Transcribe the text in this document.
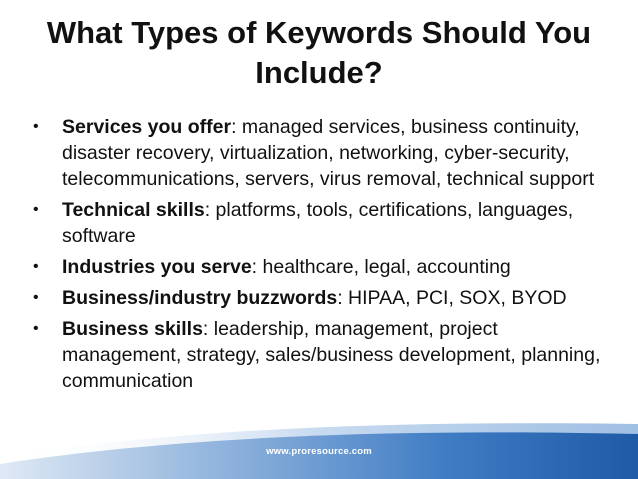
What Types of Keywords Should You Include?
• Services you offer: managed services, business continuity, disaster recovery, virtualization, networking, cyber-security, telecommunications, servers, virus removal, technical support
• Technical skills: platforms, tools, certifications, languages, software
• Industries you serve: healthcare, legal, accounting
• Business/industry buzzwords: HIPAA, PCI, SOX, BYOD
• Business skills: leadership, management, project management, strategy, sales/business development, planning, communication
www.proresource.com
